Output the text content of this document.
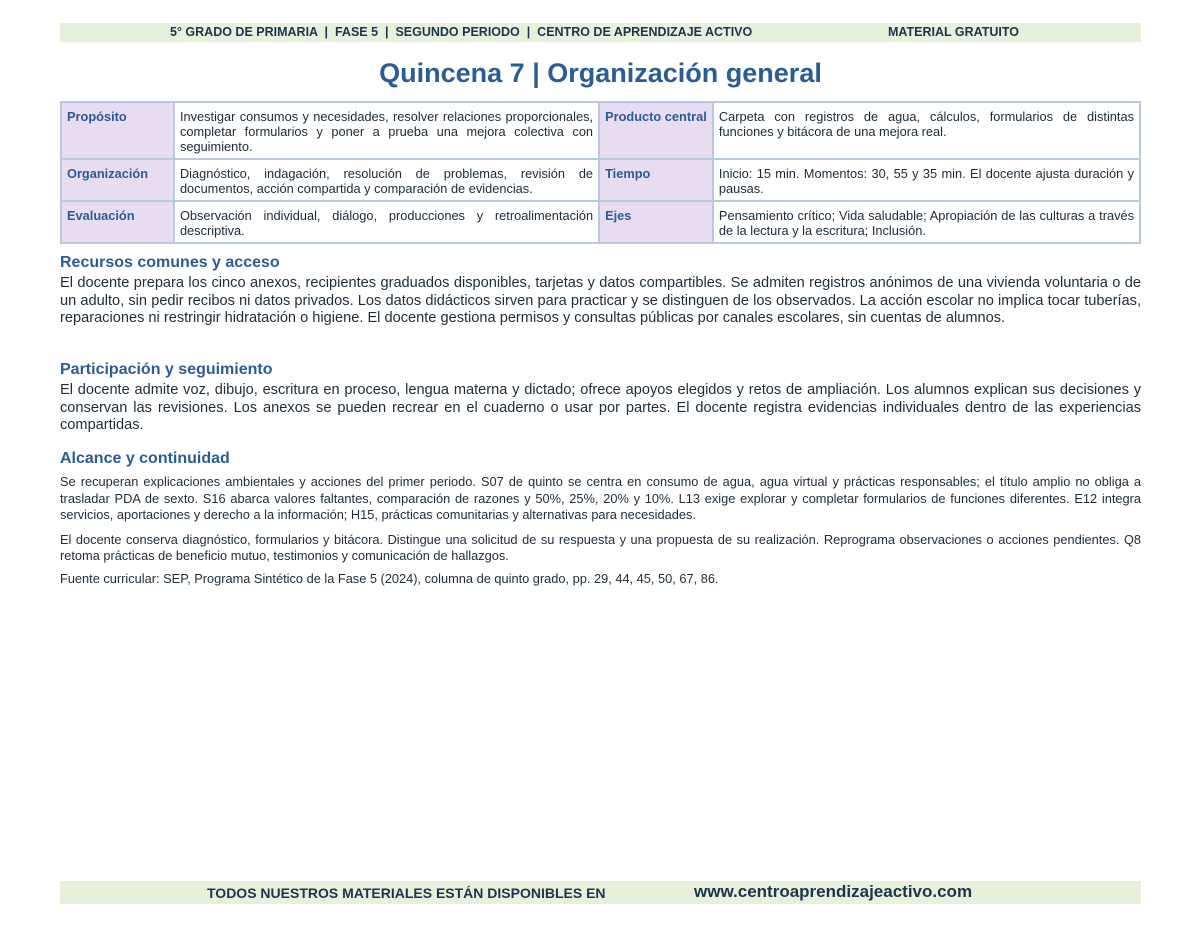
5° GRADO DE PRIMARIA  |  FASE 5  |  SEGUNDO PERIODO  |  CENTRO DE APRENDIZAJE ACTIVO	MATERIAL GRATUITO
Quincena 7 | Organización general
Propósito	Investigar consumos y necesidades, resolver relaciones proporcionales, completar formularios y poner a prueba una mejora colectiva con seguimiento.	Producto central	Carpeta con registros de agua, cálculos, formularios de distintas funciones y bitácora de una mejora real.
Organización	Diagnóstico, indagación, resolución de problemas, revisión de documentos, acción compartida y comparación de evidencias.	Tiempo	Inicio: 15 min. Momentos: 30, 55 y 35 min. El docente ajusta duración y pausas.
Evaluación	Observación individual, diálogo, producciones y retroalimentación descriptiva.	Ejes	Pensamiento crítico; Vida saludable; Apropiación de las culturas a través de la lectura y la escritura; Inclusión.
Recursos comunes y acceso

El docente prepara los cinco anexos, recipientes graduados disponibles, tarjetas y datos compartibles. Se admiten registros anónimos de una vivienda voluntaria o de un adulto, sin pedir recibos ni datos privados. Los datos didácticos sirven para practicar y se distinguen de los observados. La acción escolar no implica tocar tuberías, reparaciones ni restringir hidratación o higiene. El docente gestiona permisos y consultas públicas por canales escolares, sin cuentas de alumnos.

Participación y seguimiento

El docente admite voz, dibujo, escritura en proceso, lengua materna y dictado; ofrece apoyos elegidos y retos de ampliación. Los alumnos explican sus decisiones y conservan las revisiones. Los anexos se pueden recrear en el cuaderno o usar por partes. El docente registra evidencias individuales dentro de las experiencias compartidas.

Alcance y continuidad

Se recuperan explicaciones ambientales y acciones del primer periodo. S07 de quinto se centra en consumo de agua, agua virtual y prácticas responsables; el título amplio no obliga a trasladar PDA de sexto. S16 abarca valores faltantes, comparación de razones y 50%, 25%, 20% y 10%. L13 exige explorar y completar formularios de funciones diferentes. E12 integra servicios, aportaciones y derecho a la información; H15, prácticas comunitarias y alternativas para necesidades.

El docente conserva diagnóstico, formularios y bitácora. Distingue una solicitud de su respuesta y una propuesta de su realización. Reprograma observaciones o acciones pendientes. Q8 retoma prácticas de beneficio mutuo, testimonios y comunicación de hallazgos.

Fuente curricular: SEP, Programa Sintético de la Fase 5 (2024), columna de quinto grado, pp. 29, 44, 45, 50, 67, 86.

TODOS NUESTROS MATERIALES ESTÁN DISPONIBLES EN	www.centroaprendizajeactivo.com
